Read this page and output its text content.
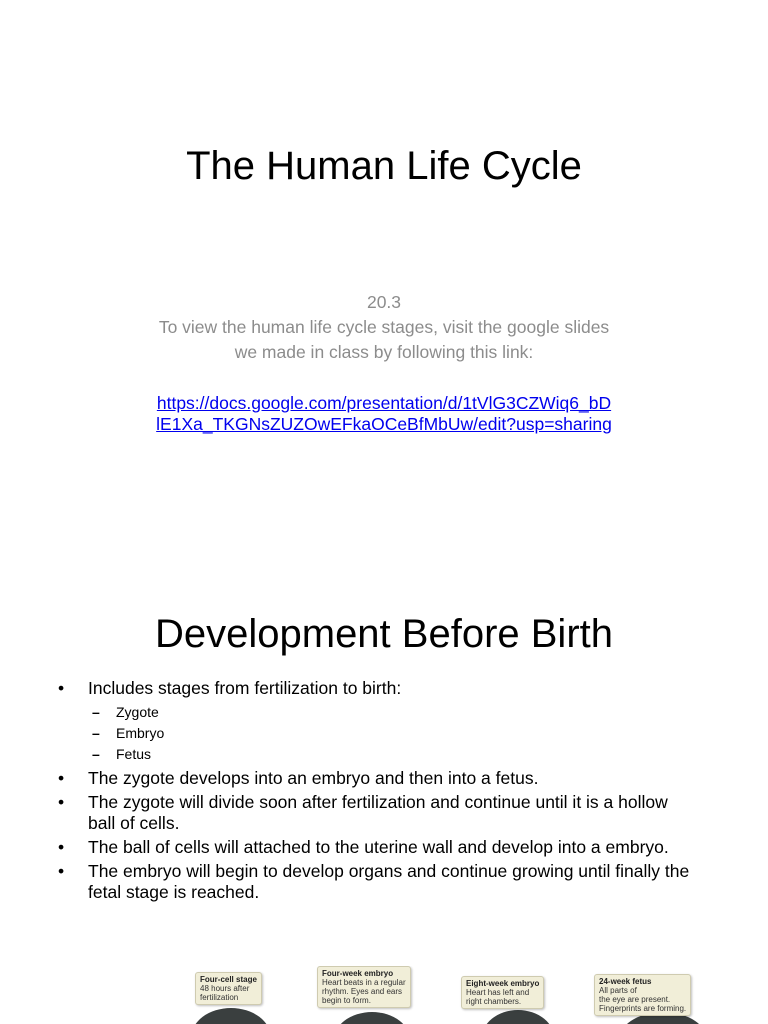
The Human Life Cycle
20.3
To view the human life cycle stages, visit the google slides
we made in class by following this link:
https://docs.google.com/presentation/d/1tVlG3CZWiq6_bD
lE1Xa_TKGNsZUZOwEFkaOCeBfMbUw/edit?usp=sharing
Development Before Birth
• Includes stages from fertilization to birth:
– Zygote
– Embryo
– Fetus
• The zygote develops into an embryo and then into a fetus.
• The zygote will divide soon after fertilization and continue until it is a hollow ball of cells.
• The ball of cells will attached to the uterine wall and develop into a embryo.
• The embryo will begin to develop organs and continue growing until finally the fetal stage is reached.
Four-cell stage
48 hours after
fertilization
Four-week embryo
Heart beats in a regular
rhythm. Eyes and ears
begin to form.
Eight-week embryo
Heart has left and
right chambers.
24-week fetus
All parts of
the eye are present.
Fingerprints are forming.
